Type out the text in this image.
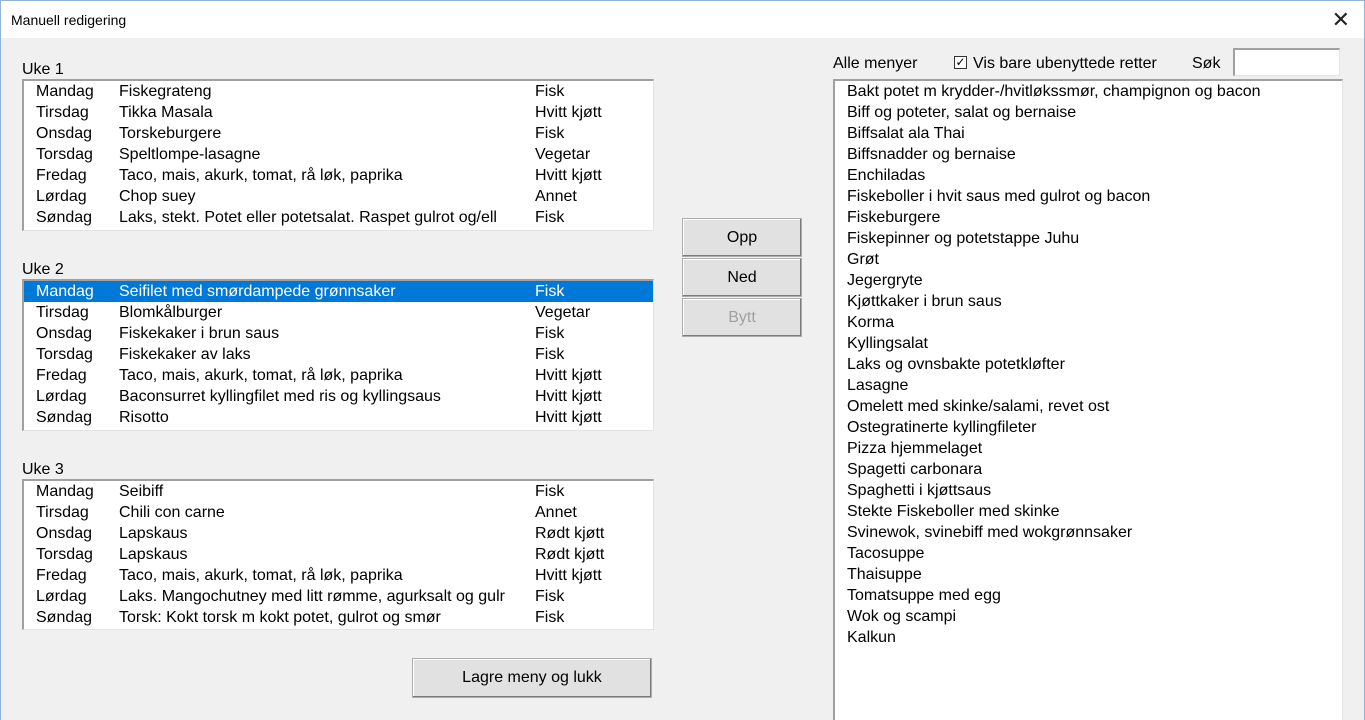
Manuell redigering	✕
Uke 1
Mandag	Fiskegrateng	Fisk
Tirsdag	Tikka Masala	Hvitt kjøtt
Onsdag	Torskeburgere	Fisk
Torsdag	Speltlompe-lasagne	Vegetar
Fredag	Taco, mais, akurk, tomat, rå løk, paprika	Hvitt kjøtt
Lørdag	Chop suey	Annet
Søndag	Laks, stekt. Potet eller potetsalat. Raspet gulrot og/ell	Fisk
Uke 2
Mandag	Seifilet med smørdampede grønnsaker	Fisk
Tirsdag	Blomkålburger	Vegetar
Onsdag	Fiskekaker i brun saus	Fisk
Torsdag	Fiskekaker av laks	Fisk
Fredag	Taco, mais, akurk, tomat, rå løk, paprika	Hvitt kjøtt
Lørdag	Baconsurret kyllingfilet med ris og kyllingsaus	Hvitt kjøtt
Søndag	Risotto	Hvitt kjøtt
Uke 3
Mandag	Seibiff	Fisk
Tirsdag	Chili con carne	Annet
Onsdag	Lapskaus	Rødt kjøtt
Torsdag	Lapskaus	Rødt kjøtt
Fredag	Taco, mais, akurk, tomat, rå løk, paprika	Hvitt kjøtt
Lørdag	Laks. Mangochutney med litt rømme, agurksalt og gulr	Fisk
Søndag	Torsk: Kokt torsk m kokt potet, gulrot og smør	Fisk
Opp
Ned
Bytt
Lagre meny og lukk
Alle menyer	✓ Vis bare ubenyttede retter Søk
Bakt potet m krydder-/hvitløkssmør, champignon og bacon
Biff og poteter, salat og bernaise
Biffsalat ala Thai
Biffsnadder og bernaise
Enchiladas
Fiskeboller i hvit saus med gulrot og bacon
Fiskeburgere
Fiskepinner og potetstappe Juhu
Grøt
Jegergryte
Kjøttkaker i brun saus
Korma
Kyllingsalat
Laks og ovnsbakte potetkløfter
Lasagne
Omelett med skinke/salami, revet ost
Ostegratinerte kyllingfileter
Pizza hjemmelaget
Spagetti carbonara
Spaghetti i kjøttsaus
Stekte Fiskeboller med skinke
Svinewok, svinebiff med wokgrønnsaker
Tacosuppe
Thaisuppe
Tomatsuppe med egg
Wok og scampi
Kalkun
